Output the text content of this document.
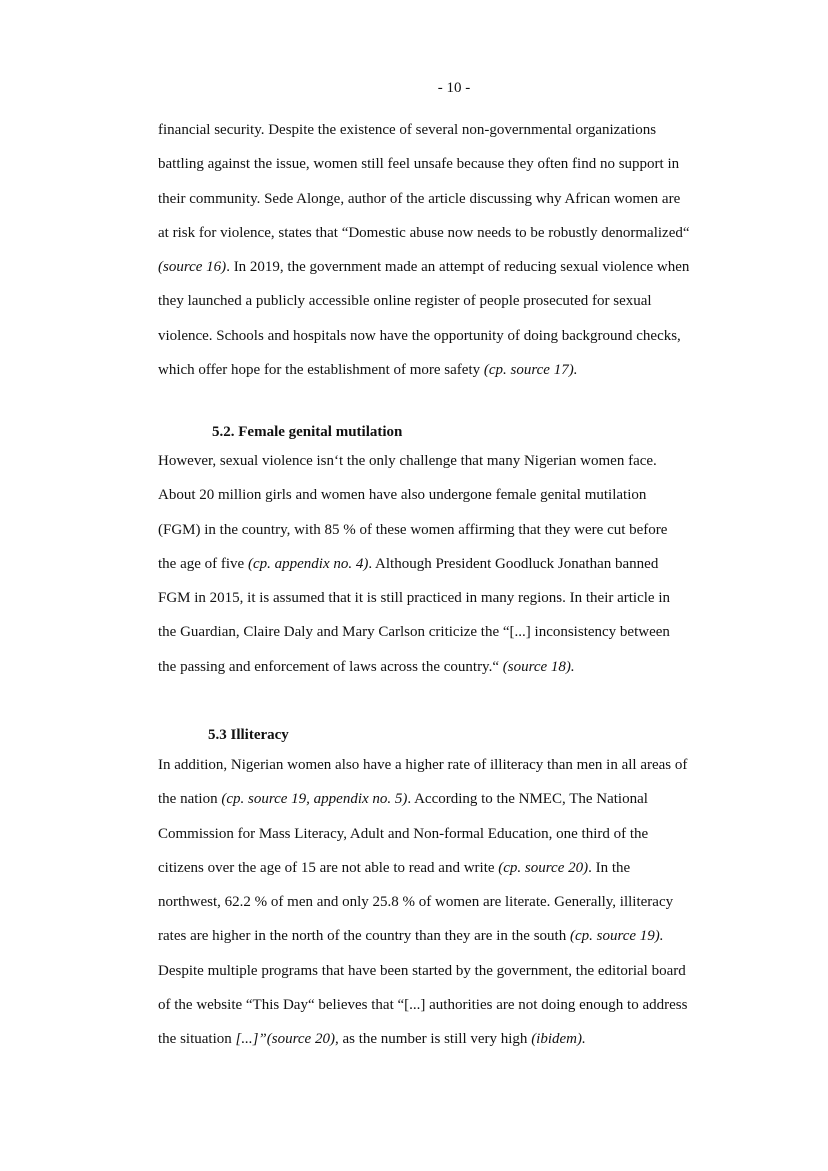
- 10 -
financial security. Despite the existence of several non-governmental organizations
battling against the issue, women still feel unsafe because they often find no support in
their community. Sede Alonge, author of the article discussing why African women are
at risk for violence, states that “Domestic abuse now needs to be robustly denormalized“
(source 16). In 2019, the government made an attempt of reducing sexual violence when
they launched a publicly accessible online register of people prosecuted for sexual
violence. Schools and hospitals now have the opportunity of doing background checks,
which offer hope for the establishment of more safety (cp. source 17).
5.2. Female genital mutilation
However, sexual violence isn‘t the only challenge that many Nigerian women face.
About 20 million girls and women have also undergone female genital mutilation
(FGM) in the country, with 85 % of these women affirming that they were cut before
the age of five (cp. appendix no. 4). Although President Goodluck Jonathan banned
FGM in 2015, it is assumed that it is still practiced in many regions. In their article in
the Guardian, Claire Daly and Mary Carlson criticize the “[...] inconsistency between
the passing and enforcement of laws across the country.“ (source 18).
5.3 Illiteracy
In addition, Nigerian women also have a higher rate of illiteracy than men in all areas of
the nation (cp. source 19, appendix no. 5). According to the NMEC, The National
Commission for Mass Literacy, Adult and Non-formal Education, one third of the
citizens over the age of 15 are not able to read and write (cp. source 20). In the
northwest, 62.2 % of men and only 25.8 % of women are literate. Generally, illiteracy
rates are higher in the north of the country than they are in the south (cp. source 19).
Despite multiple programs that have been started by the government, the editorial board
of the website “This Day“ believes that “[...] authorities are not doing enough to address
the situation [...]”(source 20), as the number is still very high (ibidem).
